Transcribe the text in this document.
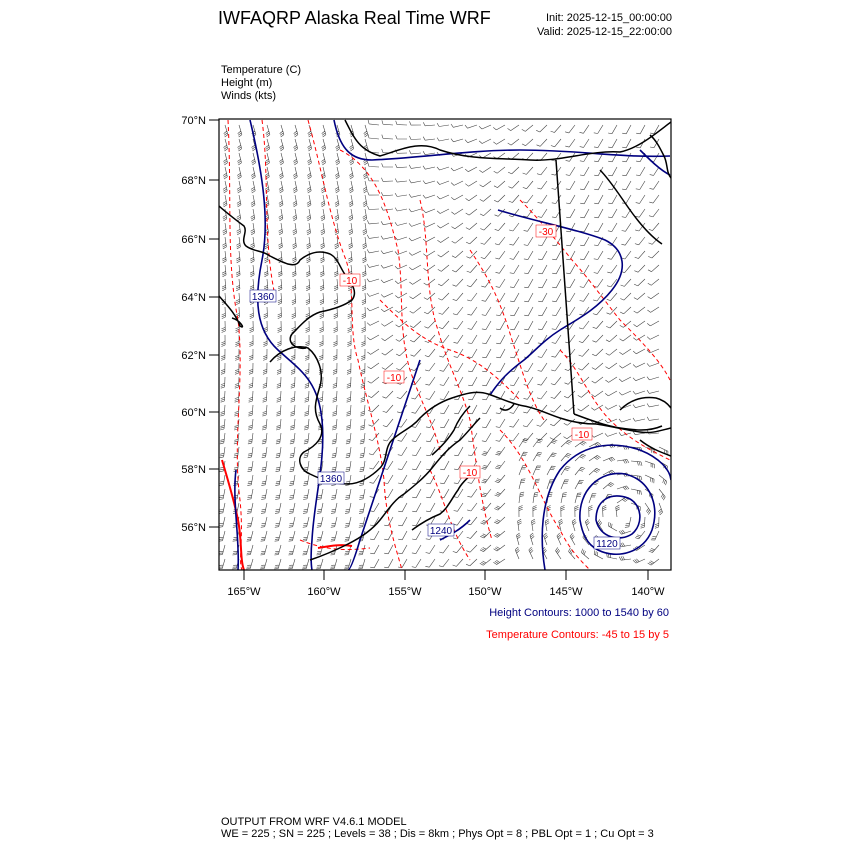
IWFAQRP Alaska Real Time WRF	Init: 2025-12-15_00:00:00
Valid: 2025-12-15_22:00:00
Temperature (C)
Height (m)
Winds (kts)
70°N
68°N
66°N
64°N
62°N
60°N
58°N
56°N
165°W	160°W	155°W	150°W	145°W	140°W
1360
1360
1240
1120
-30
-10
-10
-10
-10
Height Contours: 1000 to 1540 by 60
Temperature Contours: -45 to 15 by 5
OUTPUT FROM WRF V4.6.1 MODEL
WE = 225 ; SN = 225 ; Levels = 38 ; Dis = 8km ; Phys Opt = 8 ; PBL Opt = 1 ; Cu Opt = 3
